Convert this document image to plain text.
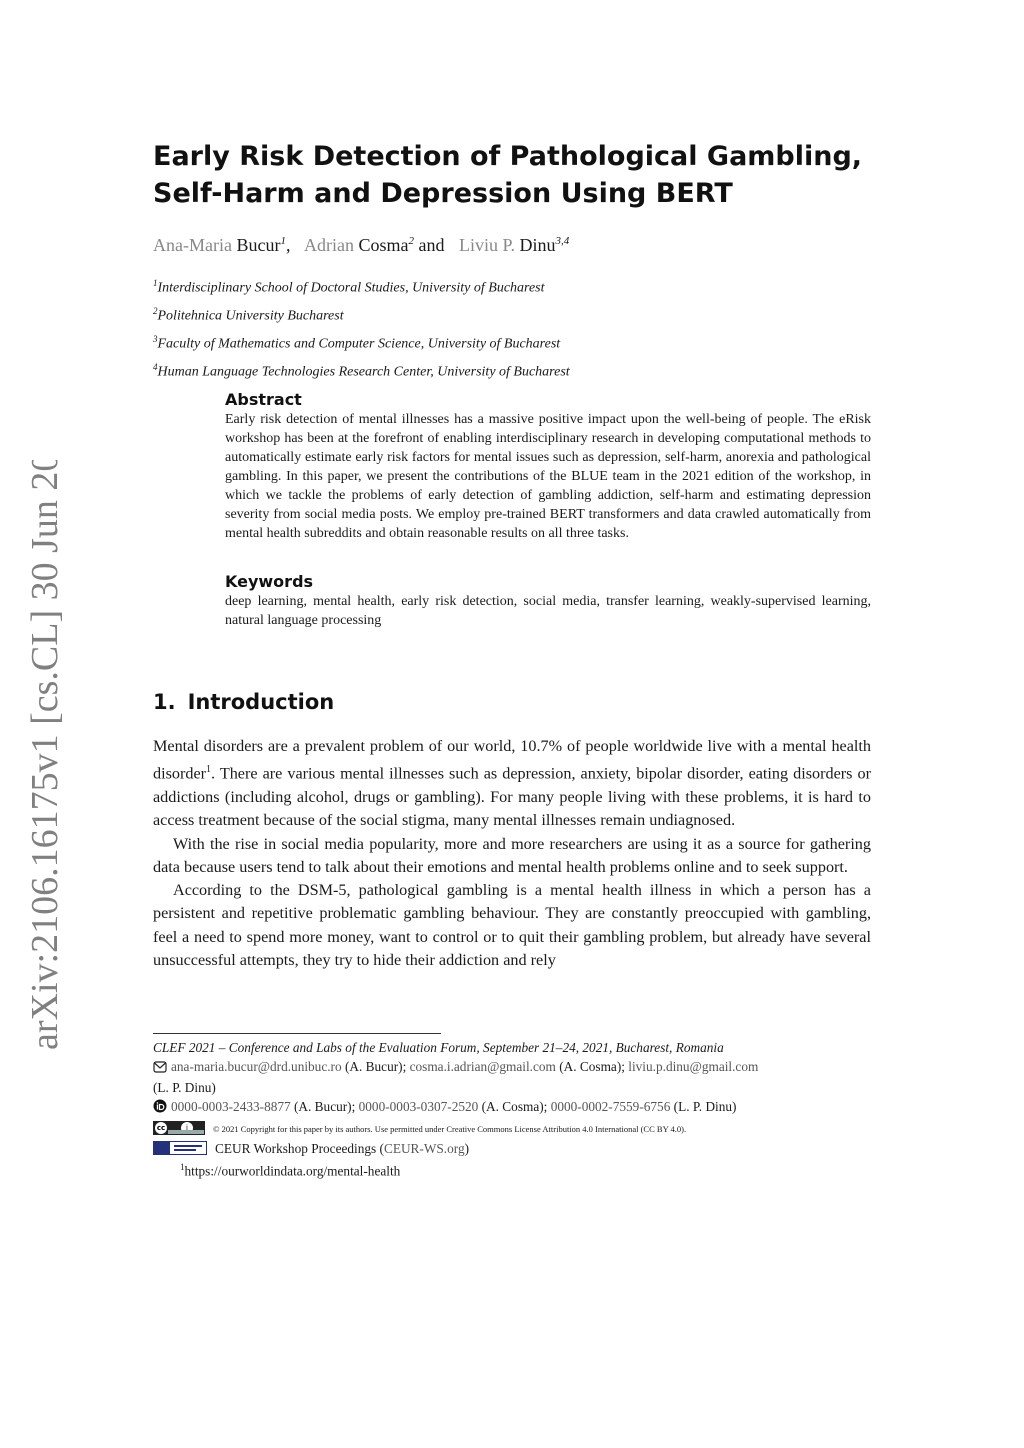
arXiv:2106.16175v1 [cs.CL] 30 Jun 2021
Early Risk Detection of Pathological Gambling,
Self-Harm and Depression Using BERT
Ana-Maria Bucur$^1$, Adrian Cosma$^2$ and Liviu P. Dinu$^{3,4}$
$^1$Interdisciplinary School of Doctoral Studies, University of Bucharest
$^2$Politehnica University Bucharest
$^3$Faculty of Mathematics and Computer Science, University of Bucharest
$^4$Human Language Technologies Research Center, University of Bucharest
Abstract

Early risk detection of mental illnesses has a massive positive impact upon the well-being of people. The eRisk workshop has been at the forefront of enabling interdisciplinary research in developing computational methods to automatically estimate early risk factors for mental issues such as depression, self-harm, anorexia and pathological gambling. In this paper, we present the contributions of the BLUE team in the 2021 edition of the workshop, in which we tackle the problems of early detection of gambling addiction, self-harm and estimating depression severity from social media posts. We employ pre-trained BERT transformers and data crawled automatically from mental health subreddits and obtain reasonable results on all three tasks.

Keywords

deep learning, mental health, early risk detection, social media, transfer learning, weakly-supervised learning, natural language processing

1. Introduction

Mental disorders are a prevalent problem of our world, 10.7% of people worldwide live with a mental health disorder$^1$. There are various mental illnesses such as depression, anxiety, bipolar disorder, eating disorders or addictions (including alcohol, drugs or gambling). For many people living with these problems, it is hard to access treatment because of the social stigma, many mental illnesses remain undiagnosed.

With the rise in social media popularity, more and more researchers are using it as a source for gathering data because users tend to talk about their emotions and mental health problems online and to seek support.

According to the DSM-5, pathological gambling is a mental health illness in which a person has a persistent and repetitive problematic gambling behaviour. They are constantly preoccupied with gambling, feel a need to spend more money, want to control or to quit their gambling problem, but already have several unsuccessful attempts, they try to hide their addiction and rely

CLEF 2021 – Conference and Labs of the Evaluation Forum, September 21–24, 2021, Bucharest, Romania
ana-maria.bucur@drd.unibuc.ro (A. Bucur); cosma.i.adrian@gmail.com (A. Cosma); liviu.p.dinu@gmail.com
(L. P. Dinu)
0000-0003-2433-8877 (A. Bucur); 0000-0003-0307-2520 (A. Cosma); 0000-0002-7559-6756 (L. P. Dinu)
cc	i	© 2021 Copyright for this paper by its authors. Use permitted under Creative Commons License Attribution 4.0 International (CC BY 4.0).
CEUR Workshop Proceedings (CEUR-WS.org)
$^1$https://ourworldindata.org/mental-health
